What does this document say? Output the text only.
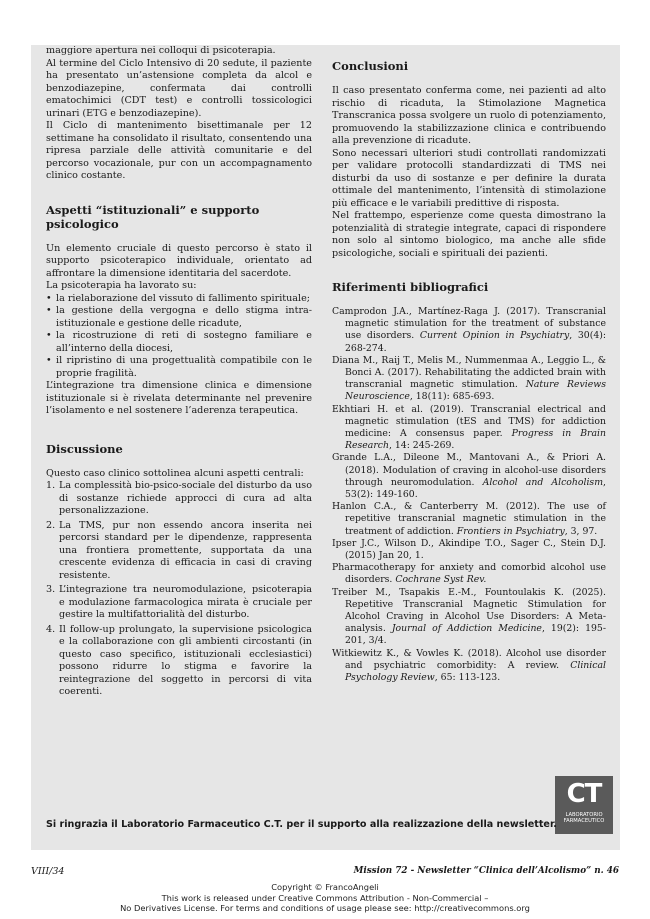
maggiore apertura nei colloqui di psicoterapia.

Al termine del Ciclo Intensivo di 20 sedute, il paziente ha presentato un’astensione completa da alcol e benzodiazepine, confermata dai controlli ematochimici (CDT test) e controlli tossicologici urinari (ETG e benzodiazepine).

Il Ciclo di mantenimento bisettimanale per 12 settimane ha consolidato il risultato, consentendo una ripresa parziale delle attività comunitarie e del percorso vocazionale, pur con un accompagnamento clinico costante.

Aspetti “istituzionali” e supporto psicologico

Un elemento cruciale di questo percorso è stato il supporto psicoterapico individuale, orientato ad affrontare la dimensione identitaria del sacerdote.

La psicoterapia ha lavorato su:

• la rielaborazione del vissuto di fallimento spirituale;
• la gestione della vergogna e dello stigma intra-istituzionale e gestione delle ricadute,
• la ricostruzione di reti di sostegno familiare e all’interno della diocesi,
• il ripristino di una progettualità compatibile con le proprie fragilità.

L’integrazione tra dimensione clinica e dimensione istituzionale si è rivelata determinante nel prevenire l’isolamento e nel sostenere l’aderenza terapeutica.

Discussione

Questo caso clinico sottolinea alcuni aspetti centrali:

1. La complessità bio-psico-sociale del disturbo da uso di sostanze richiede approcci di cura ad alta personalizzazione.
2. La TMS, pur non essendo ancora inserita nei percorsi standard per le dipendenze, rappresenta una frontiera promettente, supportata da una crescente evidenza di efficacia in casi di craving resistente.
3. L’integrazione tra neuromodulazione, psicoterapia e modulazione farmacologica mirata è cruciale per gestire la multifattorialità del disturbo.
4. Il follow-up prolungato, la supervisione psicologica e la collaborazione con gli ambienti circostanti (in questo caso specifico, istituzionali ecclesiastici) possono ridurre lo stigma e favorire la reintegrazione del soggetto in percorsi di vita coerenti.

Conclusioni

Il caso presentato conferma come, nei pazienti ad alto rischio di ricaduta, la Stimolazione Magnetica Transcranica possa svolgere un ruolo di potenziamento, promuovendo la stabilizzazione clinica e contribuendo alla prevenzione di ricadute.

Sono necessari ulteriori studi controllati randomizzati per validare protocolli standardizzati di TMS nei disturbi da uso di sostanze e per definire la durata ottimale del mantenimento, l’intensità di stimolazione più efficace e le variabili predittive di risposta.

Nel frattempo, esperienze come questa dimostrano la potenzialità di strategie integrate, capaci di rispondere non solo al sintomo biologico, ma anche alle sfide psicologiche, sociali e spirituali dei pazienti.

Riferimenti bibliografici

Camprodon J.A., Martínez-Raga J. (2017). Transcranial magnetic stimulation for the treatment of substance use disorders. Current Opinion in Psychiatry, 30(4): 268-274.

Diana M., Raij T., Melis M., Nummenmaa A., Leggio L., & Bonci A. (2017). Rehabilitating the addicted brain with transcranial magnetic stimulation. Nature Reviews Neuroscience, 18(11): 685-693.

Ekhtiari H. et al. (2019). Transcranial electrical and magnetic stimulation (tES and TMS) for addiction medicine: A consensus paper. Progress in Brain Research, 14: 245-269.

Grande L.A., Dileone M., Mantovani A., & Priori A. (2018). Modulation of craving in alcohol-use disorders through neuromodulation. Alcohol and Alcoholism, 53(2): 149-160.

Hanlon C.A., & Canterberry M. (2012). The use of repetitive transcranial magnetic stimulation in the treatment of addiction. Frontiers in Psychiatry, 3, 97.

Ipser J.C., Wilson D., Akindipe T.O., Sager C., Stein D.J. (2015) Jan 20, 1.

Pharmacotherapy for anxiety and comorbid alcohol use disorders. Cochrane Syst Rev.

Treiber M., Tsapakis E.-M., Fountoulakis K. (2025). Repetitive Transcranial Magnetic Stimulation for Alcohol Craving in Alcohol Use Disorders: A Meta-analysis. Journal of Addiction Medicine, 19(2): 195-201, 3/4.

Witkiewitz K., & Vowles K. (2018). Alcohol use disorder and psychiatric comorbidity: A review. Clinical Psychology Review, 65: 113-123.

CT
LABORATORIO
FARMACEUTICO

Si ringrazia il Laboratorio Farmaceutico C.T. per il supporto alla realizzazione della newsletter.

VIII/34	Mission 72 - Newsletter “Clinica dell’Alcolismo” n. 46
Copyright © FrancoAngeli
This work is released under Creative Commons Attribution - Non-Commercial –
No Derivatives License. For terms and conditions of usage please see: http://creativecommons.org
